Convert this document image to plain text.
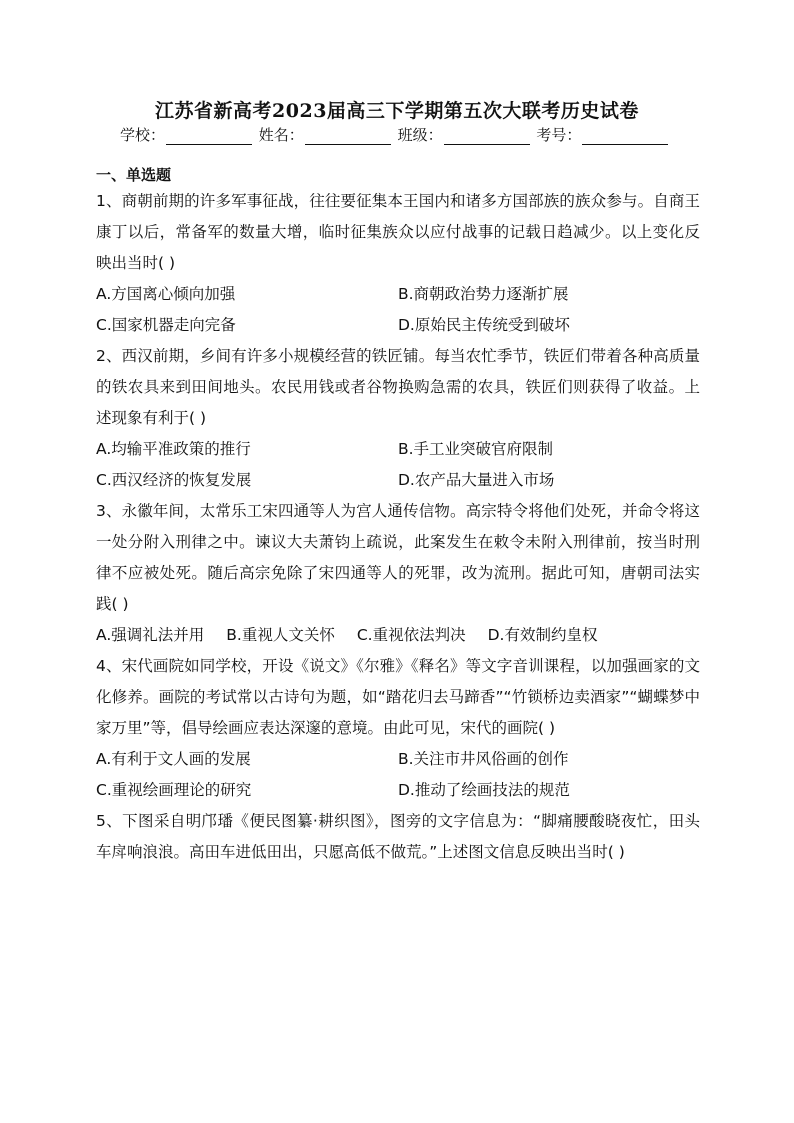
江苏省新高考2023届高三下学期第五次大联考历史试卷
学校：	姓名：	班级：	考号：
一、单选题

1、商朝前期的许多军事征战，往往要征集本王国内和诸多方国部族的族众参与。自商王康丁以后，常备军的数量大增，临时征集族众以应付战事的记载日趋减少。以上变化反映出当时( )

A.方国离心倾向加强	B.商朝政治势力逐渐扩展
C.国家机器走向完备	D.原始民主传统受到破坏

2、西汉前期，乡间有许多小规模经营的铁匠铺。每当农忙季节，铁匠们带着各种高质量的铁农具来到田间地头。农民用钱或者谷物换购急需的农具，铁匠们则获得了收益。上述现象有利于( )

A.均输平准政策的推行	B.手工业突破官府限制
C.西汉经济的恢复发展	D.农产品大量进入市场

3、永徽年间，太常乐工宋四通等人为宫人通传信物。高宗特令将他们处死，并命令将这一处分附入刑律之中。谏议大夫萧钧上疏说，此案发生在敕令未附入刑律前，按当时刑律不应被处死。随后高宗免除了宋四通等人的死罪，改为流刑。据此可知，唐朝司法实践( )

A.强调礼法并用 B.重视人文关怀 C.重视依法判决 D.有效制约皇权

4、宋代画院如同学校，开设《说文》《尔雅》《释名》等文字音训课程，以加强画家的文化修养。画院的考试常以古诗句为题，如“踏花归去马蹄香”“竹锁桥边卖酒家”“蝴蝶梦中家万里”等，倡导绘画应表达深邃的意境。由此可见，宋代的画院( )

A.有利于文人画的发展	B.关注市井风俗画的创作
C.重视绘画理论的研究	D.推动了绘画技法的规范

5、下图采自明邝璠《便民图纂·耕织图》，图旁的文字信息为：“脚痛腰酸晓夜忙，田头车戽响浪浪。高田车进低田出，只愿高低不做荒。”上述图文信息反映出当时( )
